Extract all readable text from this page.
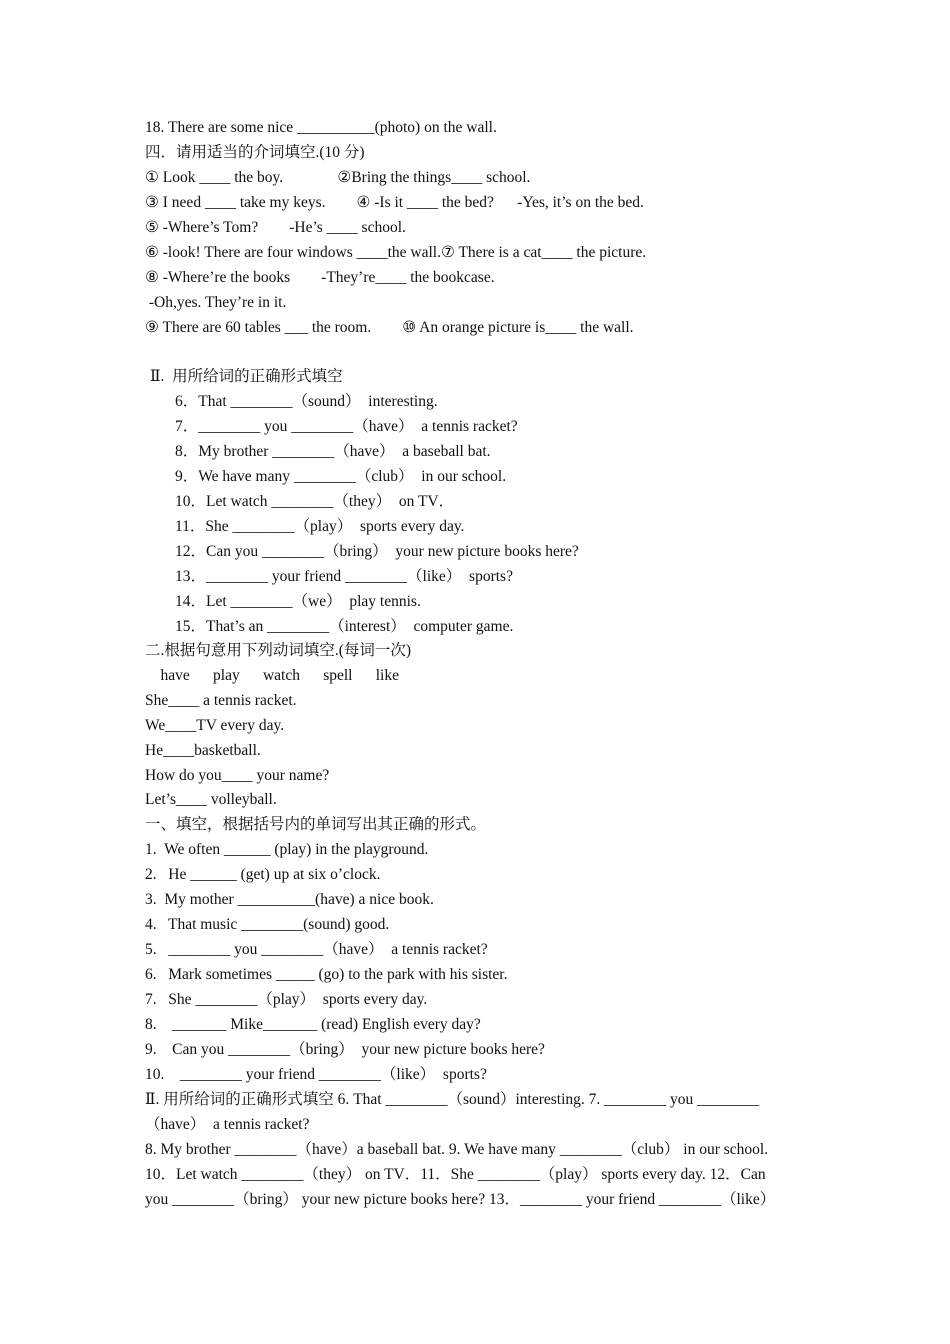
18. There are some nice __________(photo) on the wall.
四．请用适当的介词填空.(10 分)
① Look ____ the boy.              ②Bring the things____ school.
③ I need ____ take my keys.        ④ -Is it ____ the bed?      -Yes, it’s on the bed.
⑤ -Where’s Tom?        -He’s ____ school.
⑥ -look! There are four windows ____the wall.⑦ There is a cat____ the picture.
⑧ -Where’re the books        -They’re____ the bookcase.
-Oh,yes. They’re in it.
⑨ There are 60 tables ___ the room.        ⑩ An orange picture is____ the wall.
Ⅱ.  用所给词的正确形式填空
6．That ________（sound）  interesting.
7．________ you ________（have）  a tennis racket?
8．My brother ________（have）  a baseball bat.
9．We have many ________（club）  in our school.
10．Let watch ________（they）  on TV．
11．She ________（play）  sports every day.
12．Can you ________（bring）  your new picture books here?
13．________ your friend ________（like）  sports?
14．Let ________（we）  play tennis.
15．That’s an ________（interest）  computer game.
二.根据句意用下列动词填空.(每词一次)
have      play      watch      spell      like
She____ a tennis racket.
We____TV every day.
He____basketball.
How do you____ your name?
Let’s____ volleyball.
一、填空，根据括号内的单词写出其正确的形式。
1.  We often ______ (play) in the playground.
2.   He ______ (get) up at six o’clock.
3.  My mother __________(have) a nice book.
4.   That music ________(sound) good.
5.   ________ you ________（have）  a tennis racket?
6.   Mark sometimes _____ (go) to the park with his sister.
7.   She ________（play）  sports every day.
8.    _______ Mike_______ (read) English every day?
9.    Can you ________（bring）  your new picture books here?
10.    ________ your friend ________（like）  sports?
Ⅱ. 用所给词的正确形式填空 6. That ________（sound）interesting. 7. ________ you ________
（have）  a tennis racket?
8. My brother ________（have）a baseball bat. 9. We have many ________（club） in our school.
10．Let watch ________（they） on TV．11．She ________（play） sports every day. 12．Can
you ________（bring） your new picture books here? 13．________ your friend ________（like）
